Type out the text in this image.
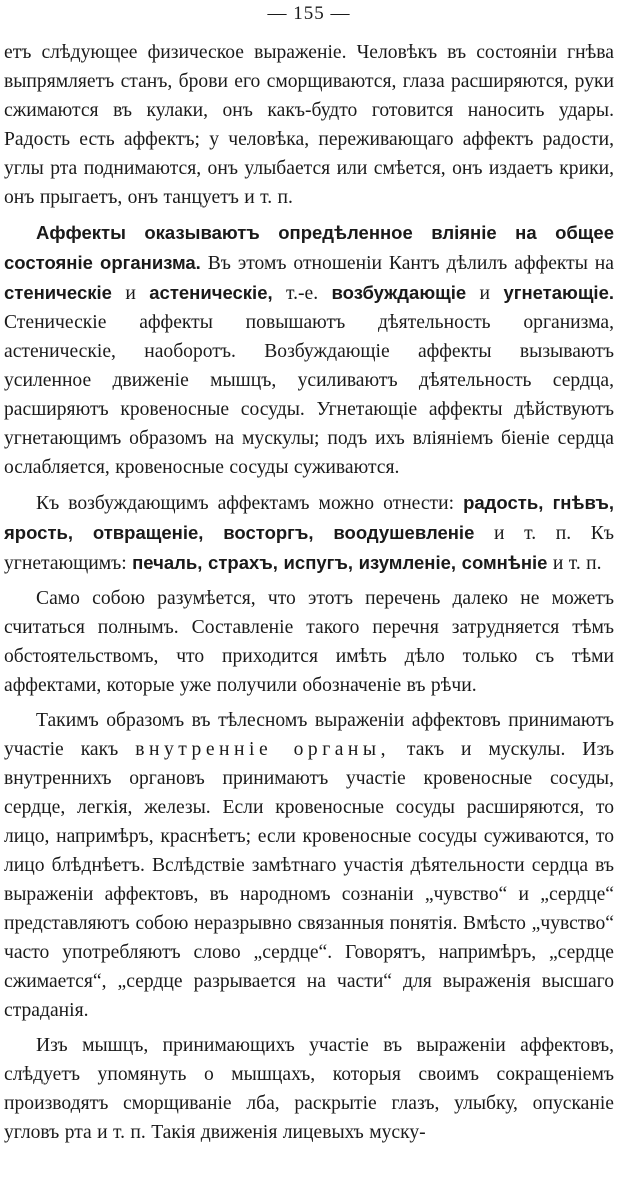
— 155 —

етъ слѣдующее физическое выраженіе. Человѣкъ въ состояніи гнѣва выпрямляетъ станъ, брови его сморщиваются, глаза расширяются, руки сжимаются въ кулаки, онъ какъ-будто готовится наносить удары. Радость есть аффектъ; у человѣка, переживающаго аффектъ радости, углы рта поднимаются, онъ улыбается или смѣется, онъ издаетъ крики, онъ прыгаетъ, онъ танцуетъ и т. п.

Аффекты оказываютъ опредѣленное вліяніе на общее состояніе организма. Въ этомъ отношеніи Кантъ дѣлилъ аффекты на стеническіе и астеническіе, т.-е. возбуждающіе и угнетающіе. Стеническіе аффекты повышаютъ дѣятельность организма, астеническіе, наоборотъ. Возбуждающіе аффекты вызываютъ усиленное движеніе мышцъ, усиливаютъ дѣятельность сердца, расширяютъ кровеносные сосуды. Угнетающіе аффекты дѣйствуютъ угнетающимъ образомъ на мускулы; подъ ихъ вліяніемъ біеніе сердца ослабляется, кровеносные сосуды суживаются.

Къ возбуждающимъ аффектамъ можно отнести: радость, гнѣвъ, ярость, отвращеніе, восторгъ, воодушевленіе и т. п. Къ угнетающимъ: печаль, страхъ, испугъ, изумленіе, сомнѣніе и т. п.

Само собою разумѣется, что этотъ перечень далеко не можетъ считаться полнымъ. Составленіе такого перечня затрудняется тѣмъ обстоятельствомъ, что приходится имѣть дѣло только съ тѣми аффектами, которые уже получили обозначеніе въ рѣчи.

Такимъ образомъ въ тѣлесномъ выраженіи аффектовъ принимаютъ участіе какъ внутренніе органы, такъ и мускулы. Изъ внутреннихъ органовъ принимаютъ участіе кровеносные сосуды, сердце, легкія, железы. Если кровеносные сосуды расширяются, то лицо, напримѣръ, краснѣетъ; если кровеносные сосуды суживаются, то лицо блѣднѣетъ. Вслѣдствіе замѣтнаго участія дѣятельности сердца въ выраженіи аффектовъ, въ народномъ сознаніи „чувство“ и „сердце“ представляютъ собою неразрывно связанныя понятія. Вмѣсто „чувство“ часто употребляютъ слово „сердце“. Говорятъ, напримѣръ, „сердце сжимается“, „сердце разрывается на части“ для выраженія высшаго страданія.

Изъ мышцъ, принимающихъ участіе въ выраженіи аффектовъ, слѣдуетъ упомянуть о мышцахъ, которыя своимъ сокращеніемъ производятъ сморщиваніе лба, раскрытіе глазъ, улыбку, опусканіе угловъ рта и т. п. Такія движенія лицевыхъ муску-
